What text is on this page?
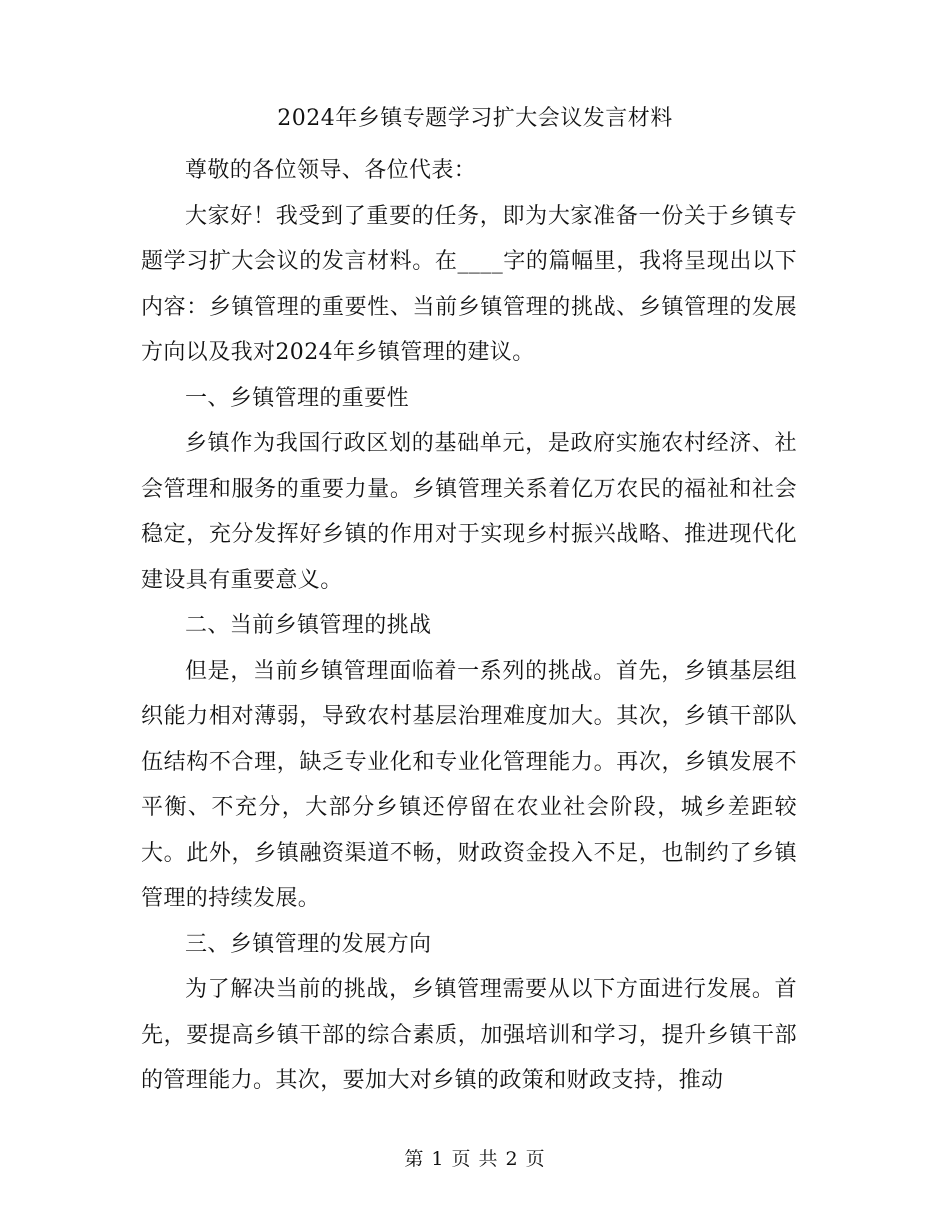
2024年乡镇专题学习扩大会议发言材料

尊敬的各位领导、各位代表：

大家好！我受到了重要的任务，即为大家准备一份关于乡镇专题学习扩大会议的发言材料。在____字的篇幅里，我将呈现出以下内容：乡镇管理的重要性、当前乡镇管理的挑战、乡镇管理的发展方向以及我对2024年乡镇管理的建议。

一、乡镇管理的重要性

乡镇作为我国行政区划的基础单元，是政府实施农村经济、社会管理和服务的重要力量。乡镇管理关系着亿万农民的福祉和社会稳定，充分发挥好乡镇的作用对于实现乡村振兴战略、推进现代化建设具有重要意义。

二、当前乡镇管理的挑战

但是，当前乡镇管理面临着一系列的挑战。首先，乡镇基层组织能力相对薄弱，导致农村基层治理难度加大。其次，乡镇干部队伍结构不合理，缺乏专业化和专业化管理能力。再次，乡镇发展不平衡、不充分，大部分乡镇还停留在农业社会阶段，城乡差距较大。此外，乡镇融资渠道不畅，财政资金投入不足，也制约了乡镇管理的持续发展。

三、乡镇管理的发展方向

为了解决当前的挑战，乡镇管理需要从以下方面进行发展。首先，要提高乡镇干部的综合素质，加强培训和学习，提升乡镇干部的管理能力。其次，要加大对乡镇的政策和财政支持，推动

第 1 页 共 2 页
